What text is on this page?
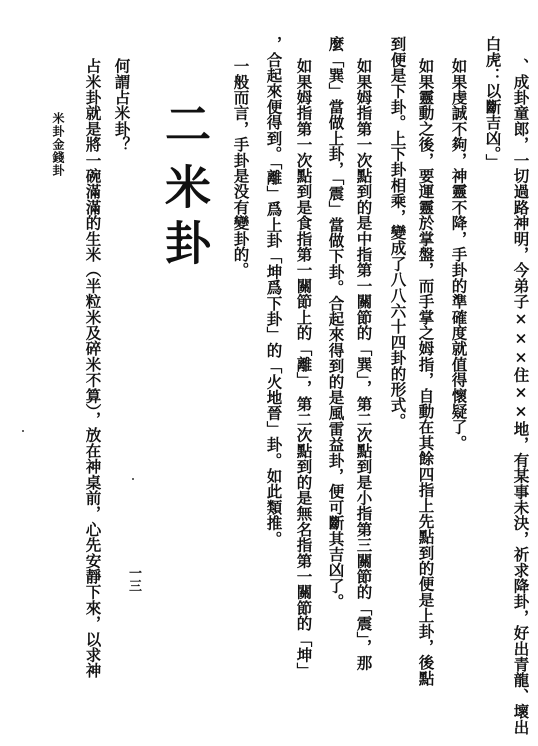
、成卦童郎，一切過路神明，今弟子×××住××地，有某事未決，祈求降卦，好出青龍、壞出
白虎：以斷吉凶。」
如果虔誠不夠，神靈不降，手卦的準確度就值得懷疑了。
如果靈動之後，要運靈於掌盤，而手掌之姆指，自動在其餘四指上先點到的便是上卦，後點
到便是下卦。上下卦相乘，變成了八八六十四卦的形式。
如果姆指第一次點到的是中指第一關節的「巽」，第二次點到是小指第三關節的「震」，那
麼「巽」當做上卦，「震」當做下卦。合起來得到的是風雷益卦，便可斷其吉凶了。
如果姆指第一次點到是食指第一關節上的「離」，第二次點到的是無名指第一關節的「坤」
，合起來便得到。「離」爲上卦「坤爲下卦」的「火地晉」卦。如此類推。
一般而言，手卦是没有變卦的。
二
米卦
何謂占米卦？
占米卦就是將一碗滿滿的生米（半粒米及碎米不算），放在神桌前，心先安靜下來，以求神
米卦金錢卦
一三
